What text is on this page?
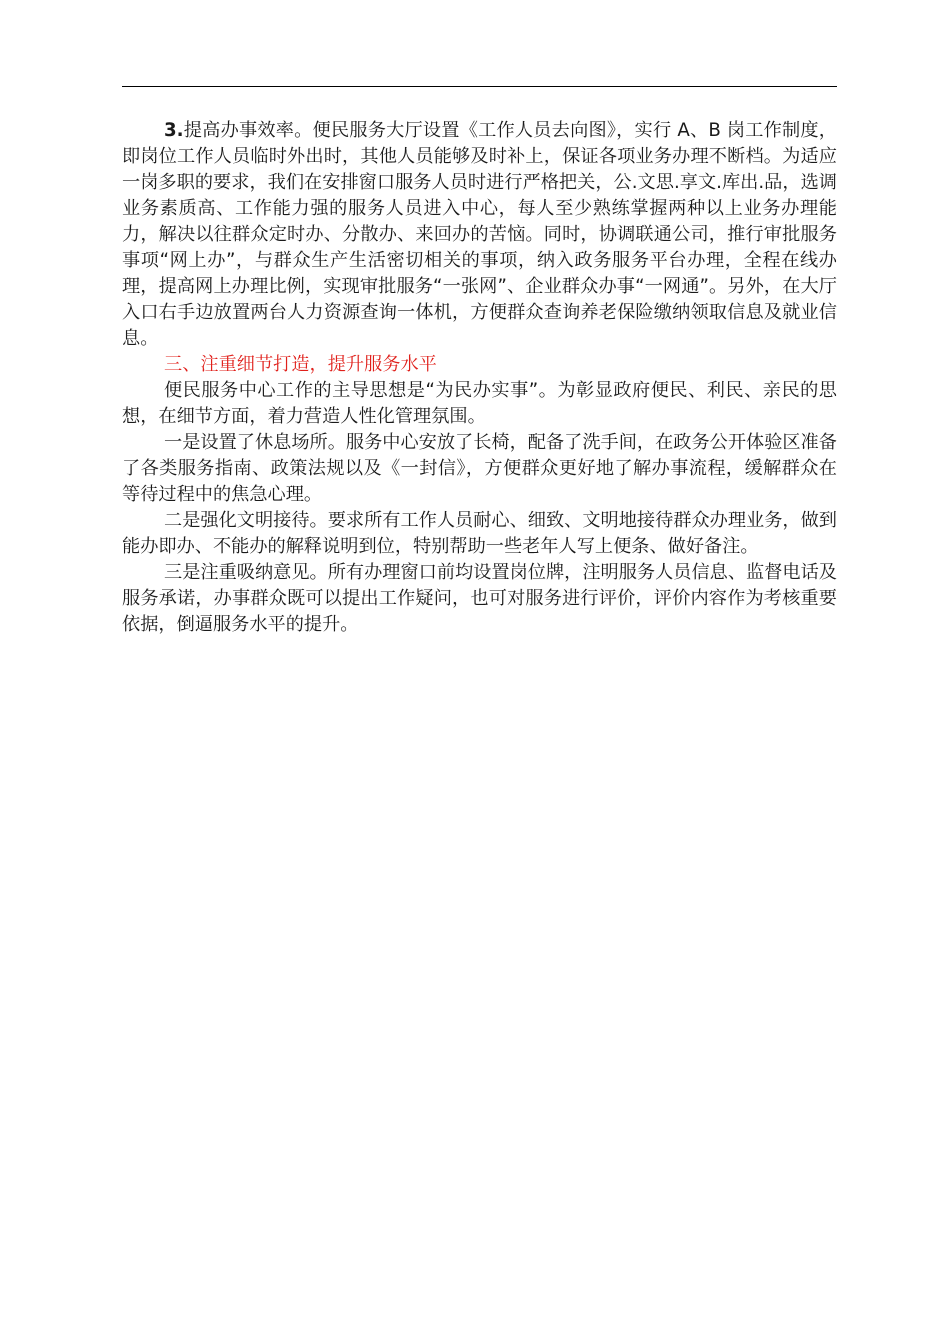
3.提高办事效率。便民服务大厅设置《工作人员去向图》，实行 A、B 岗工作制度，即岗位工作人员临时外出时，其他人员能够及时补上，保证各项业务办理不断档。为适应一岗多职的要求，我们在安排窗口服务人员时进行严格把关，公.文思.享文.库出.品，选调业务素质高、工作能力强的服务人员进入中心，每人至少熟练掌握两种以上业务办理能力，解决以往群众定时办、分散办、来回办的苦恼。同时，协调联通公司，推行审批服务事项“网上办”，与群众生产生活密切相关的事项，纳入政务服务平台办理，全程在线办理，提高网上办理比例，实现审批服务“一张网”、企业群众办事“一网通”。另外，在大厅入口右手边放置两台人力资源查询一体机，方便群众查询养老保险缴纳领取信息及就业信息。

三、注重细节打造，提升服务水平

便民服务中心工作的主导思想是“为民办实事”。为彰显政府便民、利民、亲民的思想，在细节方面，着力营造人性化管理氛围。

一是设置了休息场所。服务中心安放了长椅，配备了洗手间，在政务公开体验区准备了各类服务指南、政策法规以及《一封信》，方便群众更好地了解办事流程，缓解群众在等待过程中的焦急心理。

二是强化文明接待。要求所有工作人员耐心、细致、文明地接待群众办理业务，做到能办即办、不能办的解释说明到位，特别帮助一些老年人写上便条、做好备注。

三是注重吸纳意见。所有办理窗口前均设置岗位牌，注明服务人员信息、监督电话及服务承诺，办事群众既可以提出工作疑问，也可对服务进行评价，评价内容作为考核重要依据，倒逼服务水平的提升。
